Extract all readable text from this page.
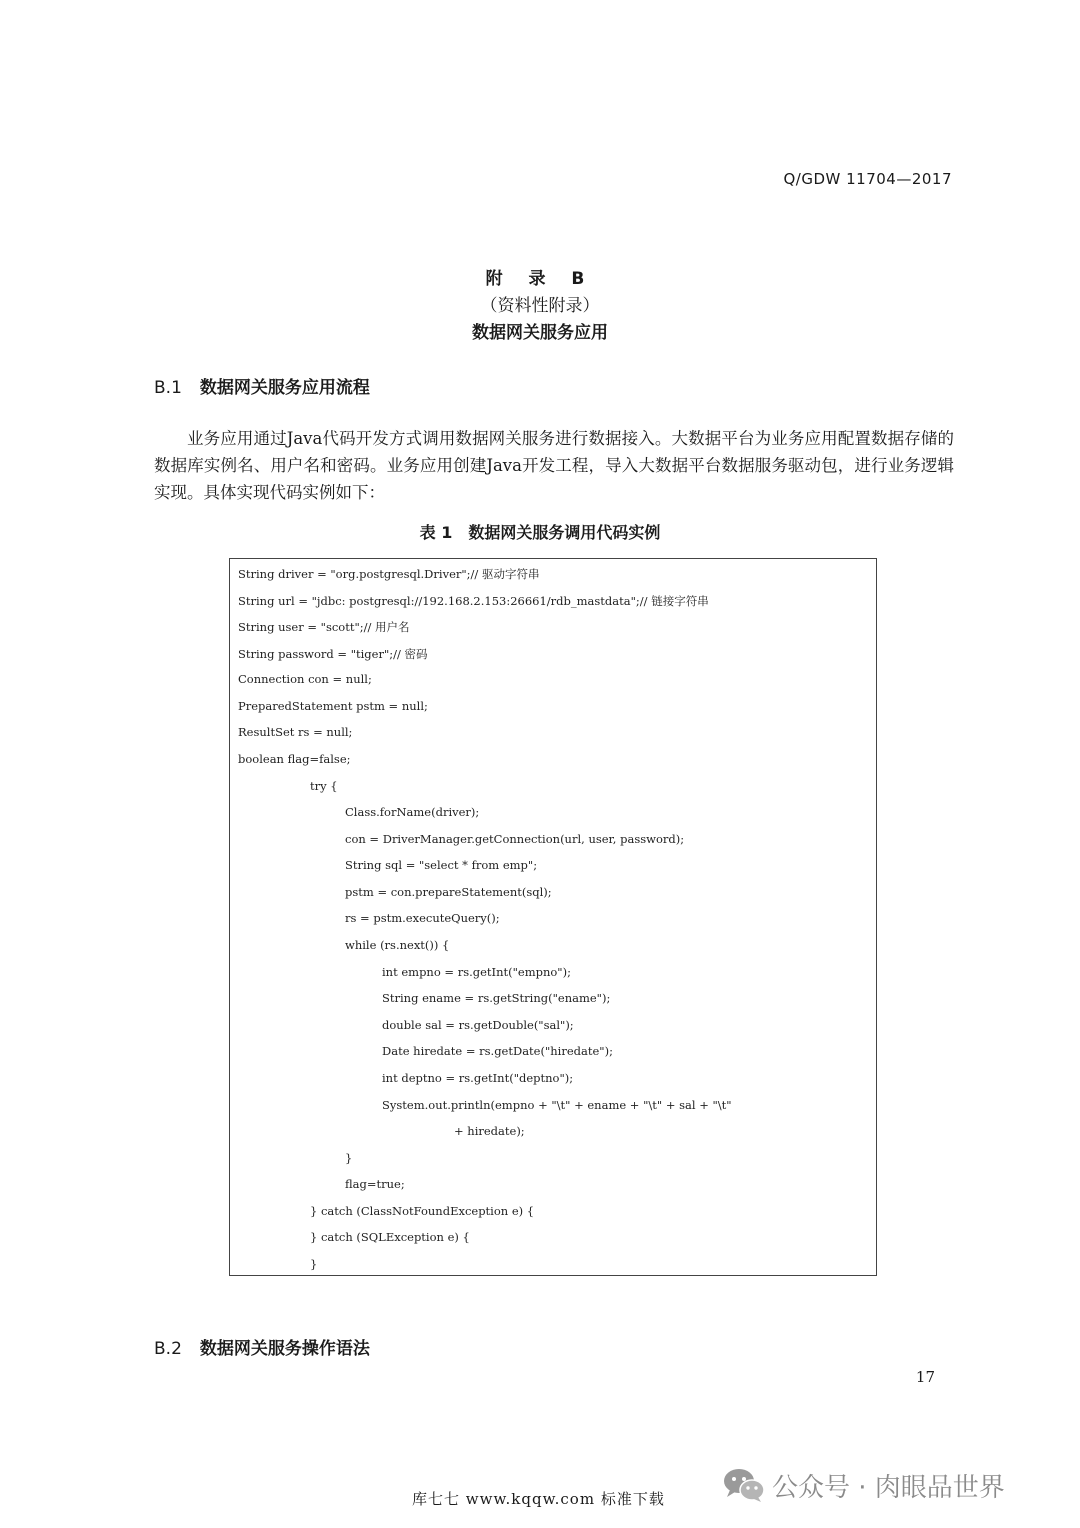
Q/GDW 11704—2017
附 录 B
（资料性附录）
数据网关服务应用
B.1 数据网关服务应用流程
业务应用通过Java代码开发方式调用数据网关服务进行数据接入。大数据平台为业务应用配置数据存储的数据库实例名、用户名和密码。业务应用创建Java开发工程，导入大数据平台数据服务驱动包，进行业务逻辑实现。具体实现代码实例如下：
表 1　数据网关服务调用代码实例
String driver = "org.postgresql.Driver";// 驱动字符串
String url = "jdbc: postgresql://192.168.2.153:26661/rdb_mastdata";// 链接字符串
String user = "scott";// 用户名
String password = "tiger";// 密码
Connection con = null;
PreparedStatement pstm = null;
ResultSet rs = null;
boolean flag=false;
try {
Class.forName(driver);
con = DriverManager.getConnection(url, user, password);
String sql = "select * from emp";
pstm = con.prepareStatement(sql);
rs = pstm.executeQuery();
while (rs.next()) {
int empno = rs.getInt("empno");
String ename = rs.getString("ename");
double sal = rs.getDouble("sal");
Date hiredate = rs.getDate("hiredate");
int deptno = rs.getInt("deptno");
System.out.println(empno + "\t" + ename + "\t" + sal + "\t"
+ hiredate);
}
flag=true;
} catch (ClassNotFoundException e) {
} catch (SQLException e) {
}
B.2 数据网关服务操作语法
17
库七七 www.kqqw.com 标准下载	公众号 · 肉眼品世界
